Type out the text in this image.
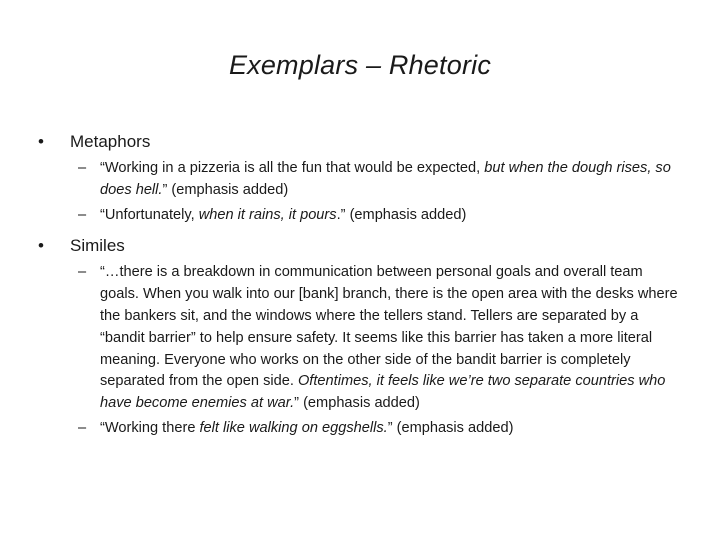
Exemplars – Rhetoric
• Metaphors
– “Working in a pizzeria is all the fun that would be expected, but when the dough rises, so does hell.” (emphasis added)
– “Unfortunately, when it rains, it pours.” (emphasis added)
• Similes
– “…there is a breakdown in communication between personal goals and overall team goals. When you walk into our [bank] branch, there is the open area with the desks where the bankers sit, and the windows where the tellers stand. Tellers are separated by a “bandit barrier” to help ensure safety. It seems like this barrier has taken a more literal meaning. Everyone who works on the other side of the bandit barrier is completely separated from the open side. Oftentimes, it feels like we’re two separate countries who have become enemies at war.” (emphasis added)
– “Working there felt like walking on eggshells.” (emphasis added)
